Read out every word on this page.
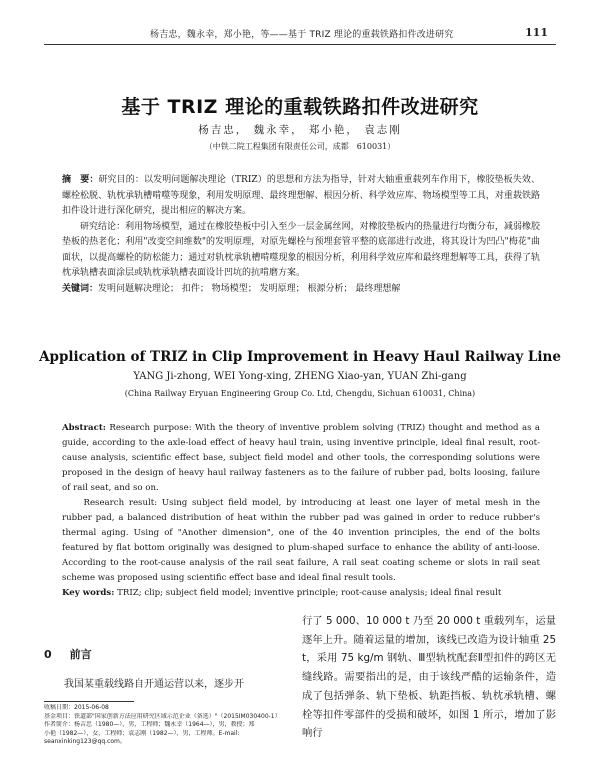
杨吉忠，魏永幸，郑小艳，等——基于 TRIZ 理论的重载铁路扣件改进研究	111
基于 TRIZ 理论的重载铁路扣件改进研究
杨吉忠， 魏永幸， 郑小艳， 袁志刚
（中铁二院工程集团有限责任公司，成都　610031）

摘　要：研究目的：以发明问题解决理论（TRIZ）的思想和方法为指导，针对大轴重重载列车作用下，橡胶垫板失效、螺栓松脱、轨枕承轨槽啃噬等现象，利用发明原理、最终理想解、根因分析、科学效应库、物场模型等工具，对重载铁路扣件设计进行深化研究，提出相应的解决方案。

研究结论：利用物场模型，通过在橡胶垫板中引入至少一层金属丝网，对橡胶垫板内的热量进行均衡分布，减弱橡胶垫板的热老化；利用"改变空间维数"的发明原理，对原先螺栓与预埋套管平整的底部进行改进，将其设计为凹凸"梅花"曲面状，以提高螺栓的防松能力；通过对轨枕承轨槽啃噬现象的根因分析，利用科学效应库和最终理想解等工具，获得了轨枕承轨槽表面涂层或轨枕承轨槽表面设计凹坑的抗啃磨方案。

关键词：发明问题解决理论； 扣件； 物场模型； 发明原理； 根源分析； 最终理想解

Application of TRIZ in Clip Improvement in Heavy Haul Railway Line
YANG Ji-zhong, WEI Yong-xing, ZHENG Xiao-yan, YUAN Zhi-gang
(China Railway Eryuan Engineering Group Co. Ltd, Chengdu, Sichuan 610031, China)

Abstract: Research purpose: With the theory of inventive problem solving (TRIZ) thought and method as a guide, according to the axle-load effect of heavy haul train, using inventive principle, ideal final result, root-cause analysis, scientific effect base, subject field model and other tools, the corresponding solutions were proposed in the design of heavy haul railway fasteners as to the failure of rubber pad, bolts loosing, failure of rail seat, and so on.

Research result: Using subject field model, by introducing at least one layer of metal mesh in the rubber pad, a balanced distribution of heat within the rubber pad was gained in order to reduce rubber's thermal aging. Using of "Another dimension", one of the 40 invention principles, the end of the bolts featured by flat bottom originally was designed to plum-shaped surface to enhance the ability of anti-loose. According to the root-cause analysis of the rail seat failure, A rail seat coating scheme or slots in rail seat scheme was proposed using scientific effect base and ideal final result tools.

Key words: TRIZ; clip; subject field model; inventive principle; root-cause analysis; ideal final result

0 前言

我国某重载线路自开通运营以来，逐步开

行了 5 000、10 000 t 乃至 20 000 t 重载列车，运量逐年上升。随着运量的增加，该线已改造为设计轴重 25 t，采用 75 kg/m 钢轨、Ⅲ型轨枕配套Ⅱ型扣件的跨区无缝线路。需要指出的是，由于该线严酷的运输条件，造成了包括弹条、轨下垫板、轨距挡板、轨枕承轨槽、螺栓等扣件零部件的受损和破坏，如图 1 所示，增加了影响行

收稿日期：2015-06-08
基金项目：铁道部"国家创新方法应用研究区域示范企业（备选）"（2015IM030400-1）
作者简介：杨吉忠（1980—），男，工程师；魏永幸（1964—），男，教授；郑
小艳（1982—），女，工程师；袁志刚（1982—），男，工程师。E-mail:
seanxinking123@qq.com。
